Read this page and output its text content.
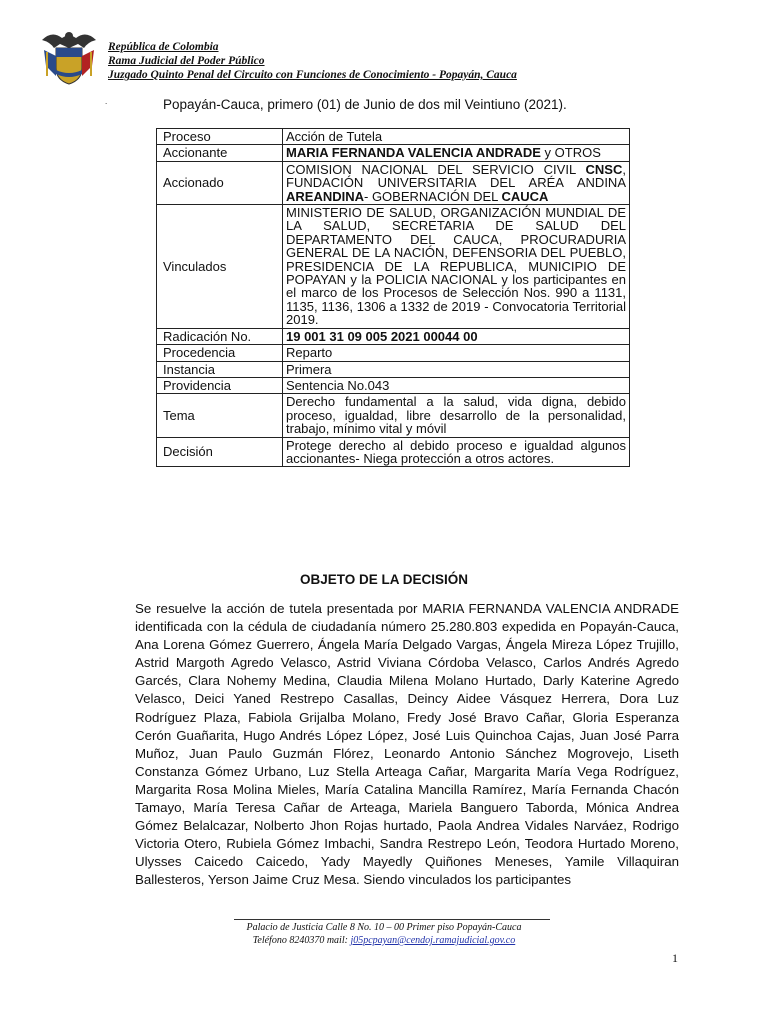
República de Colombia
Rama Judicial del Poder Público
Juzgado Quinto Penal del Circuito con Funciones de Conocimiento - Popayán, Cauca
.	Popayán-Cauca, primero (01) de Junio de dos mil Veintiuno (2021).
Proceso	Acción de Tutela
Accionante	MARIA FERNANDA VALENCIA ANDRADE y OTROS
Accionado	COMISION NACIONAL DEL SERVICIO CIVIL CNSC, FUNDACIÓN UNIVERSITARIA DEL ARÉA ANDINA AREANDINA- GOBERNACIÓN DEL CAUCA
Vinculados	MINISTERIO DE SALUD, ORGANIZACIÓN MUNDIAL DE LA SALUD, SECRETARIA DE SALUD DEL DEPARTAMENTO DEL CAUCA, PROCURADURIA GENERAL DE LA NACIÓN, DEFENSORIA DEL PUEBLO, PRESIDENCIA DE LA REPUBLICA, MUNICIPIO DE POPAYAN y la POLICIA NACIONAL y los participantes en el marco de los Procesos de Selección Nos. 990 a 1131, 1135, 1136, 1306 a 1332 de 2019 - Convocatoria Territorial 2019.
Radicación No.	19 001 31 09 005 2021 00044 00
Procedencia	Reparto
Instancia	Primera
Providencia	Sentencia No.043
Tema	Derecho fundamental a la salud, vida digna, debido proceso, igualdad, libre desarrollo de la personalidad, trabajo, mínimo vital y móvil
Decisión	Protege derecho al debido proceso e igualdad algunos accionantes- Niega protección a otros actores.
OBJETO DE LA DECISIÓN
Se resuelve la acción de tutela presentada por MARIA FERNANDA VALENCIA ANDRADE identificada con la cédula de ciudadanía número 25.280.803 expedida en Popayán-Cauca, Ana Lorena Gómez Guerrero, Ángela María Delgado Vargas, Ángela Mireza López Trujillo, Astrid Margoth Agredo Velasco, Astrid Viviana Córdoba Velasco, Carlos Andrés Agredo Garcés, Clara Nohemy Medina, Claudia Milena Molano Hurtado, Darly Katerine Agredo Velasco, Deici Yaned Restrepo Casallas, Deincy Aidee Vásquez Herrera, Dora Luz Rodríguez Plaza, Fabiola Grijalba Molano, Fredy José Bravo Cañar, Gloria Esperanza Cerón Guañarita, Hugo Andrés López López, José Luis Quinchoa Cajas, Juan José Parra Muñoz, Juan Paulo Guzmán Flórez, Leonardo Antonio Sánchez Mogrovejo, Liseth Constanza Gómez Urbano, Luz Stella Arteaga Cañar, Margarita María Vega Rodríguez, Margarita Rosa Molina Mieles, María Catalina Mancilla Ramírez, María Fernanda Chacón Tamayo, María Teresa Cañar de Arteaga, Mariela Banguero Taborda, Mónica Andrea Gómez Belalcazar, Nolberto Jhon Rojas hurtado, Paola Andrea Vidales Narváez, Rodrigo Victoria Otero, Rubiela Gómez Imbachi, Sandra Restrepo León, Teodora Hurtado Moreno, Ulysses Caicedo Caicedo, Yady Mayedly Quiñones Meneses, Yamile Villaquiran Ballesteros, Yerson Jaime Cruz Mesa. Siendo vinculados los participantes
Palacio de Justicia Calle 8 No. 10 – 00 Primer piso Popayán-Cauca
Teléfono 8240370 mail: j05pcpayan@cendoj.ramajudicial.gov.co
1
